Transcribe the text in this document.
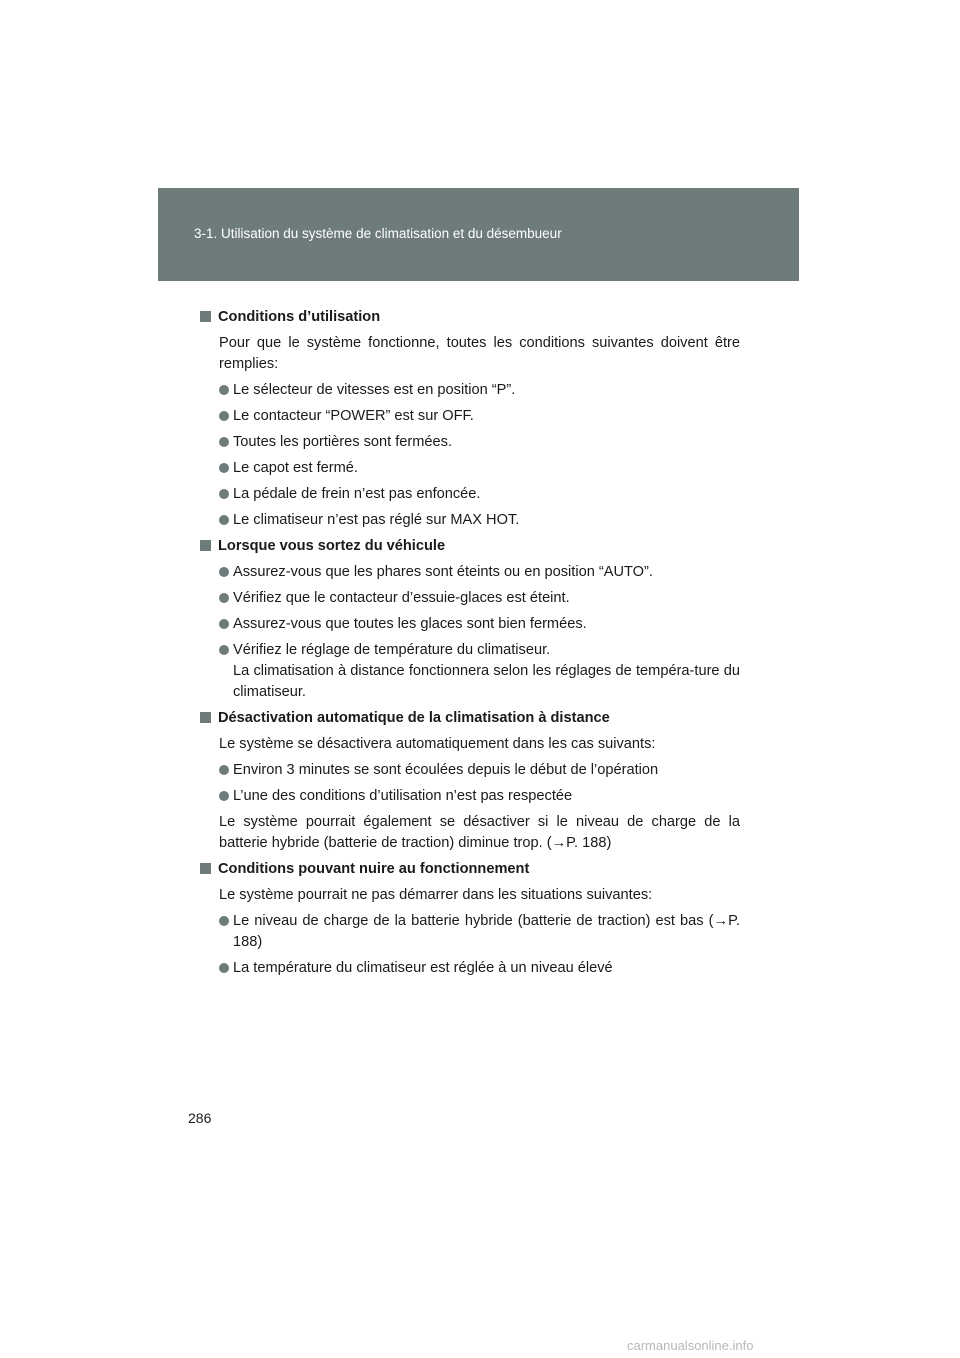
3-1. Utilisation du système de climatisation et du désembueur

Conditions d’utilisation

Pour que le système fonctionne, toutes les conditions suivantes doivent être remplies:

Le sélecteur de vitesses est en position “P”.

Le contacteur “POWER” est sur OFF.

Toutes les portières sont fermées.

Le capot est fermé.

La pédale de frein n’est pas enfoncée.

Le climatiseur n’est pas réglé sur MAX HOT.

Lorsque vous sortez du véhicule

Assurez-vous que les phares sont éteints ou en position “AUTO”.

Vérifiez que le contacteur d’essuie-glaces est éteint.

Assurez-vous que toutes les glaces sont bien fermées.

Vérifiez le réglage de température du climatiseur.
La climatisation à distance fonctionnera selon les réglages de tempéra-ture du climatiseur.

Désactivation automatique de la climatisation à distance

Le système se désactivera automatiquement dans les cas suivants:

Environ 3 minutes se sont écoulées depuis le début de l’opération

L’une des conditions d’utilisation n’est pas respectée

Le système pourrait également se désactiver si le niveau de charge de la batterie hybride (batterie de traction) diminue trop. (→P. 188)

Conditions pouvant nuire au fonctionnement

Le système pourrait ne pas démarrer dans les situations suivantes:

Le niveau de charge de la batterie hybride (batterie de traction) est bas (→P. 188)

La température du climatiseur est réglée à un niveau élevé

286
carmanualsonline.info
